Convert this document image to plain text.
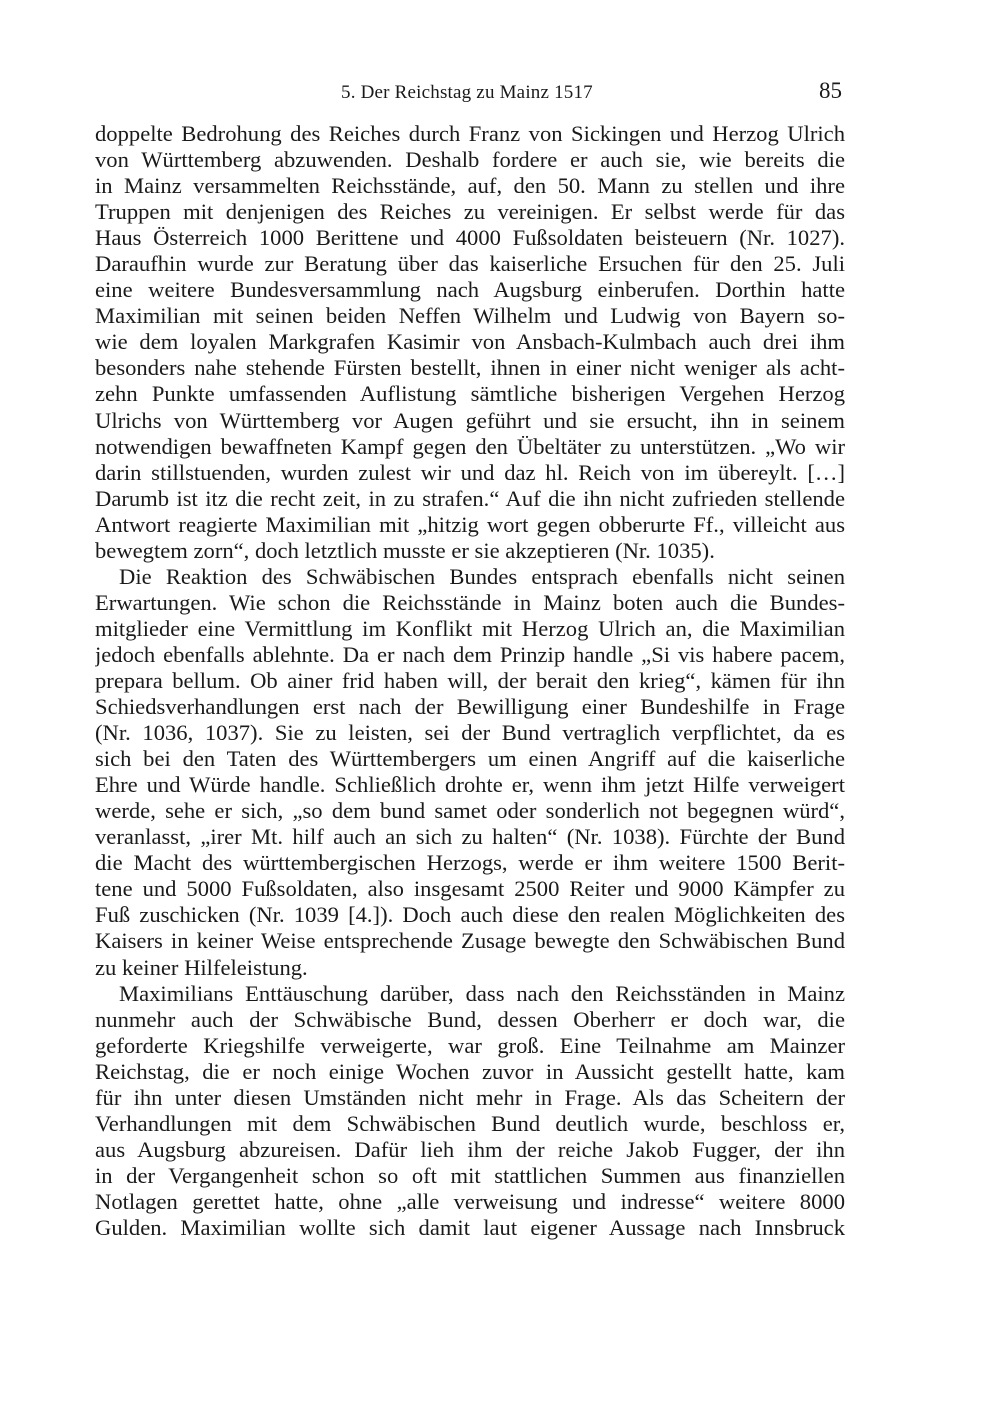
5. Der Reichstag zu Mainz 1517	85
doppelte Bedrohung des Reiches durch Franz von Sickingen und Herzog Ulrich
von Württemberg abzuwenden. Deshalb fordere er auch sie, wie bereits die
in Mainz versammelten Reichsstände, auf, den 50. Mann zu stellen und ihre
Truppen mit denjenigen des Reiches zu vereinigen. Er selbst werde für das
Haus Österreich 1000 Berittene und 4000 Fußsoldaten beisteuern (Nr. 1027).
Daraufhin wurde zur Beratung über das kaiserliche Ersuchen für den 25. Juli
eine weitere Bundesversammlung nach Augsburg einberufen. Dorthin hatte
Maximilian mit seinen beiden Neffen Wilhelm und Ludwig von Bayern so-
wie dem loyalen Markgrafen Kasimir von Ansbach-Kulmbach auch drei ihm
besonders nahe stehende Fürsten bestellt, ihnen in einer nicht weniger als acht-
zehn Punkte umfassenden Auflistung sämtliche bisherigen Vergehen Herzog
Ulrichs von Württemberg vor Augen geführt und sie ersucht, ihn in seinem
notwendigen bewaffneten Kampf gegen den Übeltäter zu unterstützen. „Wo wir
darin stillstuenden, wurden zulest wir und daz hl. Reich von im übereylt. […]
Darumb ist itz die recht zeit, in zu strafen.“ Auf die ihn nicht zufrieden stellende
Antwort reagierte Maximilian mit „hitzig wort gegen obberurte Ff., villeicht aus
bewegtem zorn“, doch letztlich musste er sie akzeptieren (Nr. 1035).
Die Reaktion des Schwäbischen Bundes entsprach ebenfalls nicht seinen
Erwartungen. Wie schon die Reichsstände in Mainz boten auch die Bundes-
mitglieder eine Vermittlung im Konflikt mit Herzog Ulrich an, die Maximilian
jedoch ebenfalls ablehnte. Da er nach dem Prinzip handle „Si vis habere pacem,
prepara bellum. Ob ainer frid haben will, der berait den krieg“, kämen für ihn
Schiedsverhandlungen erst nach der Bewilligung einer Bundeshilfe in Frage
(Nr. 1036, 1037). Sie zu leisten, sei der Bund vertraglich verpflichtet, da es
sich bei den Taten des Württembergers um einen Angriff auf die kaiserliche
Ehre und Würde handle. Schließlich drohte er, wenn ihm jetzt Hilfe verweigert
werde, sehe er sich, „so dem bund samet oder sonderlich not begegnen würd“,
veranlasst, „irer Mt. hilf auch an sich zu halten“ (Nr. 1038). Fürchte der Bund
die Macht des württembergischen Herzogs, werde er ihm weitere 1500 Berit-
tene und 5000 Fußsoldaten, also insgesamt 2500 Reiter und 9000 Kämpfer zu
Fuß zuschicken (Nr. 1039 [4.]). Doch auch diese den realen Möglichkeiten des
Kaisers in keiner Weise entsprechende Zusage bewegte den Schwäbischen Bund
zu keiner Hilfeleistung.
Maximilians Enttäuschung darüber, dass nach den Reichsständen in Mainz
nunmehr auch der Schwäbische Bund, dessen Oberherr er doch war, die
geforderte Kriegshilfe verweigerte, war groß. Eine Teilnahme am Mainzer
Reichstag, die er noch einige Wochen zuvor in Aussicht gestellt hatte, kam
für ihn unter diesen Umständen nicht mehr in Frage. Als das Scheitern der
Verhandlungen mit dem Schwäbischen Bund deutlich wurde, beschloss er,
aus Augsburg abzureisen. Dafür lieh ihm der reiche Jakob Fugger, der ihn
in der Vergangenheit schon so oft mit stattlichen Summen aus finanziellen
Notlagen gerettet hatte, ohne „alle verweisung und indresse“ weitere 8000
Gulden. Maximilian wollte sich damit laut eigener Aussage nach Innsbruck
